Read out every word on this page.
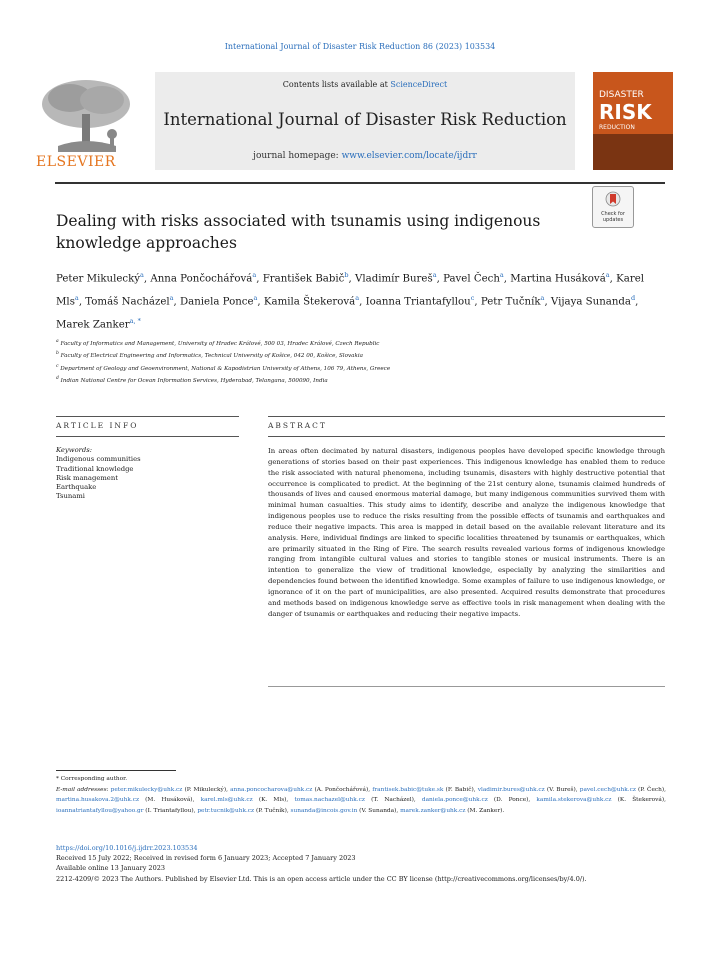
International Journal of Disaster Risk Reduction 86 (2023) 103534
ELSEVIER
Contents lists available at ScienceDirect
International Journal of Disaster Risk Reduction
journal homepage: www.elsevier.com/locate/ijdrr
DISASTER
RISK
REDUCTION
Dealing with risks associated with tsunamis using indigenous knowledge approaches
Check for updates
Peter Mikulecký$^a$, Anna Pončochářová$^a$, František Babič$^b$, Vladimír Bureš$^a$, Pavel Čech$^a$, Martina Husáková$^a$, Karel Mls$^a$, Tomáš Nacházel$^a$, Daniela Ponce$^a$, Kamila Štekerová$^a$, Ioanna Triantafyllou$^c$, Petr Tučník$^a$, Vijaya Sunanda$^d$, Marek Zanker$^{a, *}$
$^a$ Faculty of Informatics and Management, University of Hradec Králové, 500 03, Hradec Králové, Czech Republic
$^b$ Faculty of Electrical Engineering and Informatics, Technical University of Košice, 042 00, Košice, Slovakia
$^c$ Department of Geology and Geoenvironment, National & Kapodistrian University of Athens, 106 79, Athens, Greece
$^d$ Indian National Centre for Ocean Information Services, Hyderabad, Telangana, 500090, India
ARTICLE INFO	ABSTRACT
Keywords:
Indigenous communities
Traditional knowledge
Risk management
Earthquake
Tsunami
In areas often decimated by natural disasters, indigenous peoples have developed specific knowledge through generations of stories based on their past experiences. This indigenous knowledge has enabled them to reduce the risk associated with natural phenomena, including tsunamis, disasters with highly destructive potential that occurrence is complicated to predict. At the beginning of the 21st century alone, tsunamis claimed hundreds of thousands of lives and caused enormous material damage, but many indigenous communities survived them with minimal human casualties. This study aims to identify, describe and analyze the indigenous knowledge that indigenous peoples use to reduce the risks resulting from the possible effects of tsunamis and earthquakes and reduce their negative impacts. This area is mapped in detail based on the available relevant literature and its analysis. Here, individual findings are linked to specific localities threatened by tsunamis or earthquakes, which are primarily situated in the Ring of Fire. The search results revealed various forms of indigenous knowledge ranging from intangible cultural values and stories to tangible stones or musical instruments. There is an intention to generalize the view of traditional knowledge, especially by analyzing the similarities and dependencies found between the identified knowledge. Some examples of failure to use indigenous knowledge, or ignorance of it on the part of municipalities, are also presented. Acquired results demonstrate that procedures and methods based on indigenous knowledge serve as effective tools in risk management when dealing with the danger of tsunamis or earthquakes and reducing their negative impacts.
* Corresponding author.
E-mail addresses: peter.mikulecky@uhk.cz (P. Mikulecký), anna.poncocharova@uhk.cz (A. Pončochářová), frantisek.babic@tuke.sk (F. Babič), vladimir.bures@uhk.cz (V. Bureš), pavel.cech@uhk.cz (P. Čech), martina.husakova.2@uhk.cz (M. Husáková), karel.mls@uhk.cz (K. Mls), tomas.nachazel@uhk.cz (T. Nacházel), daniela.ponce@uhk.cz (D. Ponce), kamila.stekerova@uhk.cz (K. Štekerová), ioannatriantafyllou@yahoo.gr (I. Triantafyllou), petr.tucnik@uhk.cz (P. Tučník), sunanda@incois.gov.in (V. Sunanda), marek.zanker@uhk.cz (M. Zanker).
https://doi.org/10.1016/j.ijdrr.2023.103534
Received 15 July 2022; Received in revised form 6 January 2023; Accepted 7 January 2023
Available online 13 January 2023
2212-4209/© 2023 The Authors. Published by Elsevier Ltd. This is an open access article under the CC BY license (http://creativecommons.org/licenses/by/4.0/).
